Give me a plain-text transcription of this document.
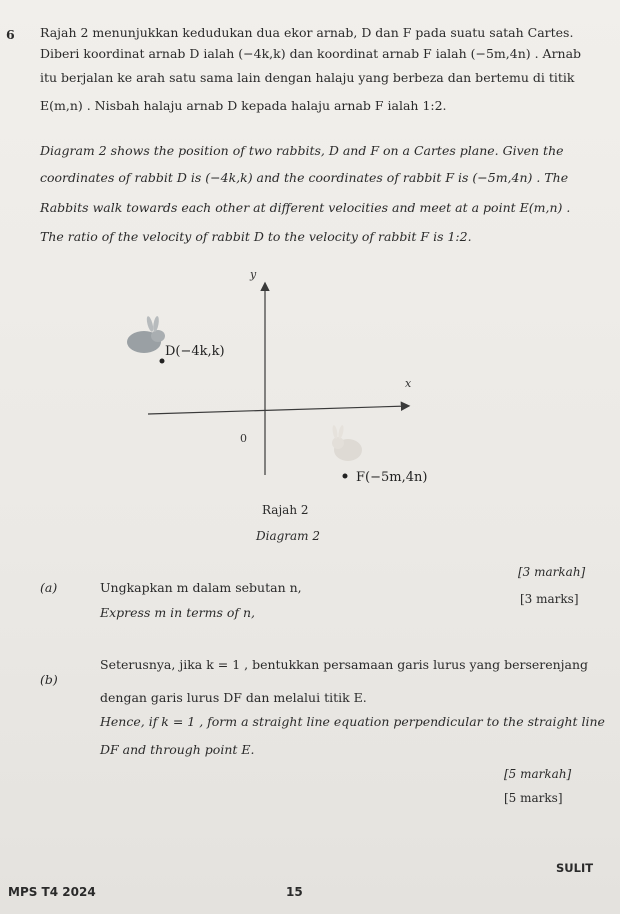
6 Rajah 2 menunjukkan kedudukan dua ekor arnab, D dan F pada suatu satah Cartes.
Diberi koordinat arnab D ialah (−4k,k) dan koordinat arnab F ialah (−5m,4n) . Arnab
itu berjalan ke arah satu sama lain dengan halaju yang berbeza dan bertemu di titik
E(m,n) . Nisbah halaju arnab D kepada halaju arnab F ialah 1:2.
Diagram 2 shows the position of two rabbits, D and F on a Cartes plane. Given the
coordinates of rabbit D is (−4k,k) and the coordinates of rabbit F is (−5m,4n) . The
Rabbits walk towards each other at different velocities and meet at a point E(m,n) .
The ratio of the velocity of rabbit D to the velocity of rabbit F is 1:2.
y
x
0
D(−4k,k)
F(−5m,4n)
Rajah 2
Diagram 2
[3 markah]
(a)	Ungkapkan m dalam sebutan n,
[3 marks]
Express m in terms of n,
(b)
Seterusnya, jika k = 1 , bentukkan persamaan garis lurus yang berserenjang
dengan garis lurus DF dan melalui titik E.
Hence, if k = 1 , form a straight line equation perpendicular to the straight line
DF and through point E.
[5 markah]
[5 marks]
SULIT
MPS T4 2024	15
